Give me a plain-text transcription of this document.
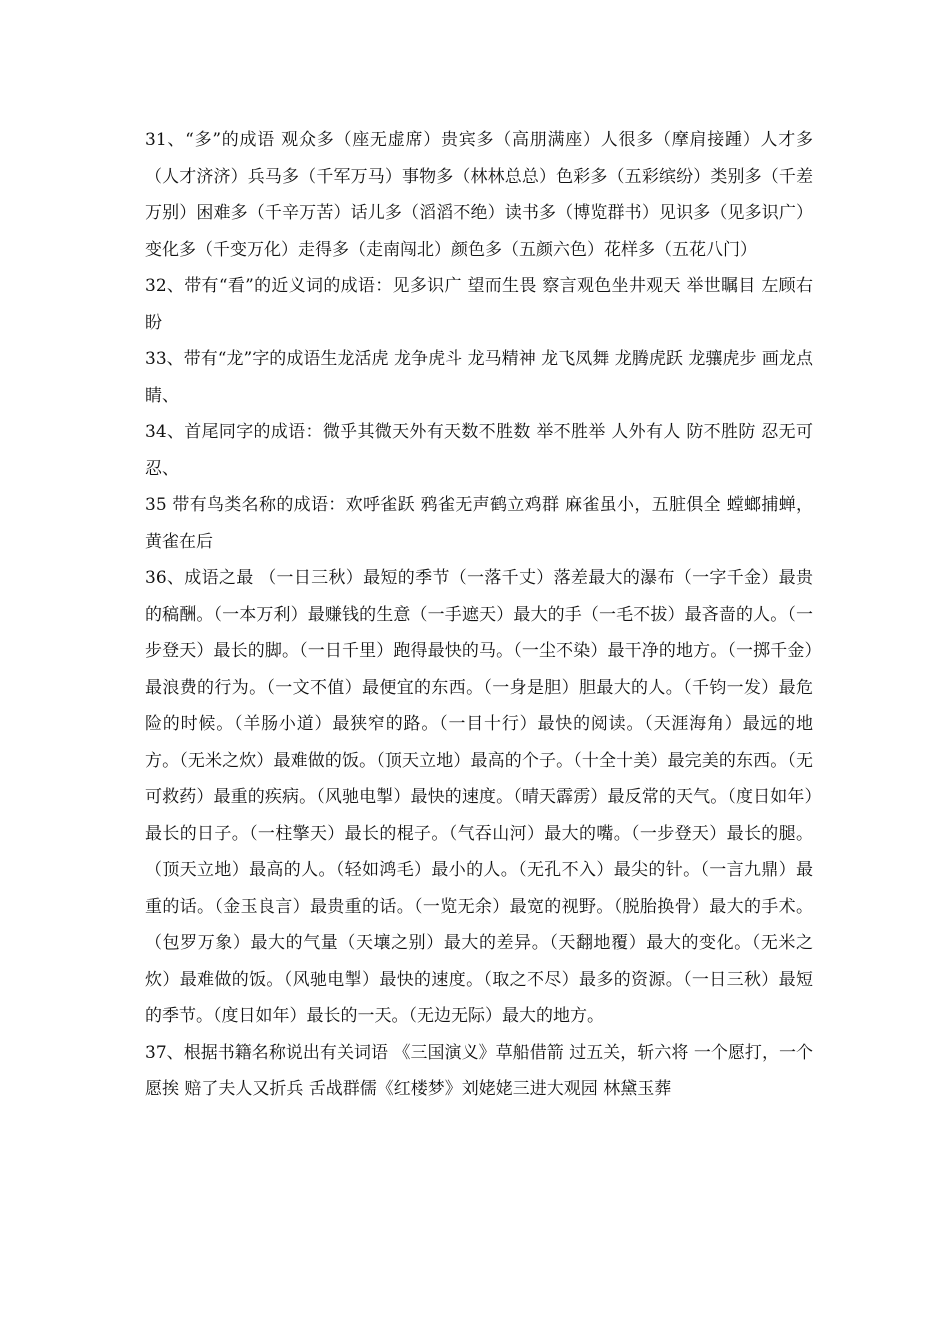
31、“多”的成语 观众多（座无虚席）贵宾多（高朋满座）人很多（摩肩接踵）人才多（人才济济）兵马多（千军万马）事物多（林林总总）色彩多（五彩缤纷）类别多（千差万别）困难多（千辛万苦）话儿多（滔滔不绝）读书多（博览群书）见识多（见多识广）变化多（千变万化）走得多（走南闯北）颜色多（五颜六色）花样多（五花八门）

32、带有“看”的近义词的成语：见多识广 望而生畏 察言观色坐井观天 举世瞩目 左顾右盼

33、带有“龙”字的成语生龙活虎 龙争虎斗 龙马精神 龙飞凤舞 龙腾虎跃 龙骧虎步 画龙点睛、

34、首尾同字的成语：微乎其微天外有天数不胜数 举不胜举 人外有人 防不胜防 忍无可忍、

35 带有鸟类名称的成语：欢呼雀跃 鸦雀无声鹤立鸡群 麻雀虽小，五脏俱全 螳螂捕蝉，黄雀在后

36、成语之最 （一日三秋）最短的季节（一落千丈）落差最大的瀑布（一字千金）最贵的稿酬。（一本万利）最赚钱的生意（一手遮天）最大的手（一毛不拔）最吝啬的人。（一步登天）最长的脚。（一日千里）跑得最快的马。（一尘不染）最干净的地方。（一掷千金）最浪费的行为。（一文不值）最便宜的东西。（一身是胆）胆最大的人。（千钧一发）最危险的时候。（羊肠小道）最狭窄的路。（一目十行）最快的阅读。（天涯海角）最远的地方。（无米之炊）最难做的饭。（顶天立地）最高的个子。（十全十美）最完美的东西。（无可救药）最重的疾病。（风驰电掣）最快的速度。（晴天霹雳）最反常的天气。（度日如年）最长的日子。（一柱擎天）最长的棍子。（气吞山河）最大的嘴。（一步登天）最长的腿。（顶天立地）最高的人。（轻如鸿毛）最小的人。（无孔不入）最尖的针。（一言九鼎）最重的话。（金玉良言）最贵重的话。（一览无余）最宽的视野。（脱胎换骨）最大的手术。（包罗万象）最大的气量（天壤之别）最大的差异。（天翻地覆）最大的变化。（无米之炊）最难做的饭。（风驰电掣）最快的速度。（取之不尽）最多的资源。（一日三秋）最短的季节。（度日如年）最长的一天。（无边无际）最大的地方。

37、根据书籍名称说出有关词语 《三国演义》草船借箭 过五关，斩六将 一个愿打，一个愿挨 赔了夫人又折兵 舌战群儒《红楼梦》刘姥姥三进大观园 林黛玉葬
